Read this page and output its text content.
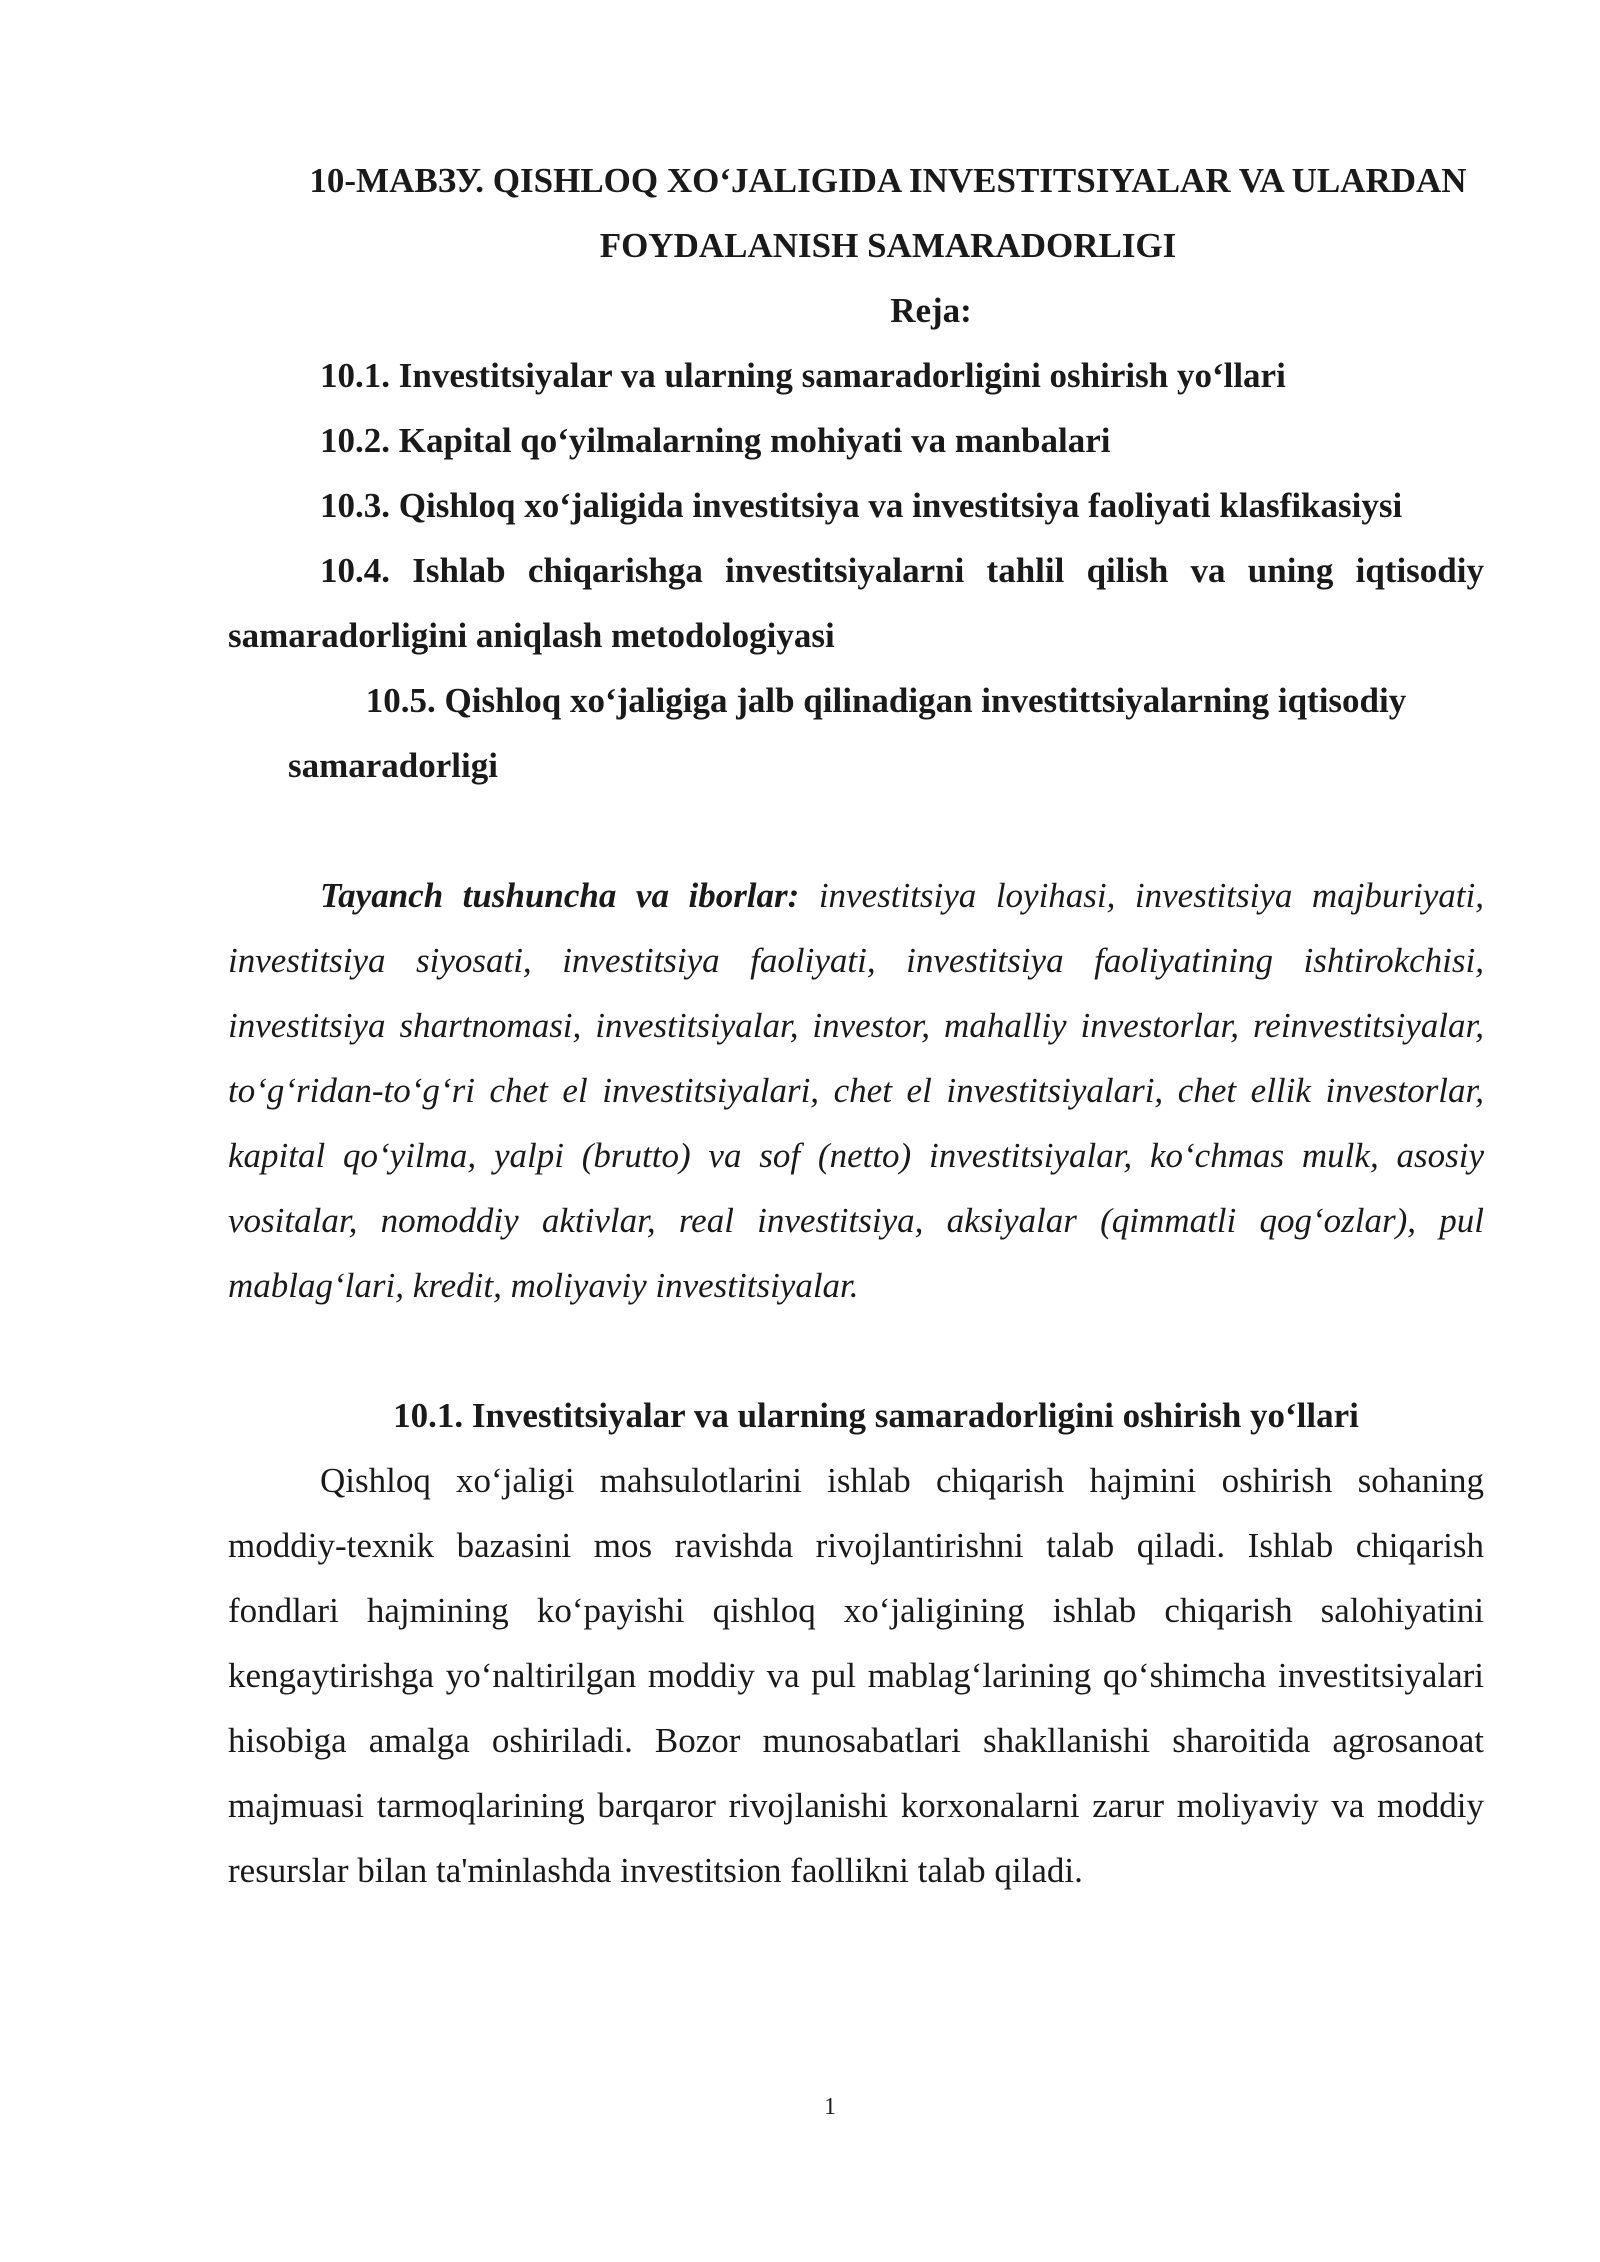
10-МАВЗУ. QISHLOQ XO‘JALIGIDA INVESTITSIYALAR VA ULARDAN FOYDALANISH SAMARADORLIGI

Reja:

10.1. Investitsiyalar va ularning samaradorligini oshirish yo‘llari

10.2. Kapital qo‘yilmalarning mohiyati va manbalari

10.3. Qishloq xo‘jaligida investitsiya va investitsiya faoliyati klasfikasiysi

10.4. Ishlab chiqarishga investitsiyalarni tahlil qilish va uning iqtisodiy samaradorligini aniqlash metodologiyasi

10.5. Qishloq xo‘jaligiga jalb qilinadigan investittsiyalarning iqtisodiy samaradorligi

Tayanch tushuncha va iborlar: investitsiya loyihasi, investitsiya majburiyati, investitsiya siyosati, investitsiya faoliyati, investitsiya faoliyatining ishtirokchisi, investitsiya shartnomasi, investitsiyalar, investor, mahalliy investorlar, reinvestitsiyalar, to‘g‘ridan-to‘g‘ri chet el investitsiyalari, chet el investitsiyalari, chet ellik investorlar, kapital qo‘yilma, yalpi (brutto) va sof (netto) investitsiyalar, ko‘chmas mulk, asosiy vositalar, nomoddiy aktivlar, real investitsiya, aksiyalar (qimmatli qog‘ozlar), pul mablag‘lari, kredit, moliyaviy investitsiyalar.

10.1. Investitsiyalar va ularning samaradorligini oshirish yo‘llari

Qishloq xo‘jaligi mahsulotlarini ishlab chiqarish hajmini oshirish sohaning moddiy-texnik bazasini mos ravishda rivojlantirishni talab qiladi. Ishlab chiqarish fondlari hajmining ko‘payishi qishloq xo‘jaligining ishlab chiqarish salohiyatini kengaytirishga yo‘naltirilgan moddiy va pul mablag‘larining qo‘shimcha investitsiyalari hisobiga amalga oshiriladi. Bozor munosabatlari shakllanishi sharoitida agrosanoat majmuasi tarmoqlarining barqaror rivojlanishi korxonalarni zarur moliyaviy va moddiy resurslar bilan ta'minlashda investitsion faollikni talab qiladi.

1
